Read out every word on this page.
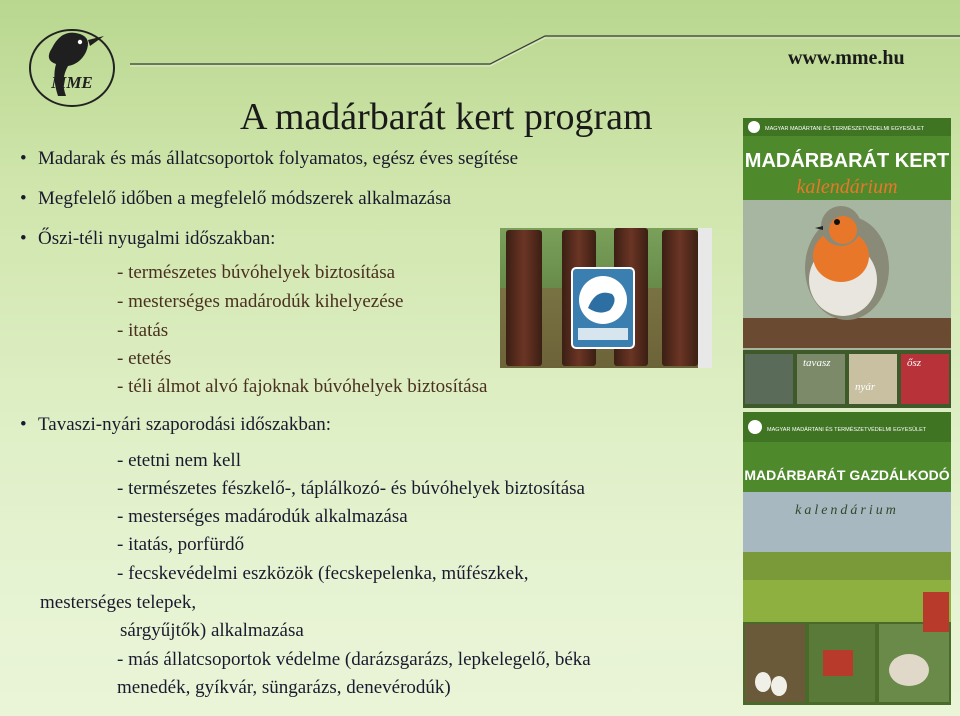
MME
www.mme.hu
A madárbarát kert program
• Madarak és más állatcsoportok folyamatos, egész éves segítése
• Megfelelő időben a megfelelő módszerek alkalmazása
• Őszi-téli nyugalmi időszakban:
- természetes búvóhelyek biztosítása
- mesterséges madárodúk kihelyezése
- itatás
- etetés
- téli álmot alvó fajoknak búvóhelyek biztosítása
• Tavaszi-nyári szaporodási időszakban:
- etetni nem kell
- természetes fészkelő-, táplálkozó- és búvóhelyek biztosítása
- mesterséges madárodúk alkalmazása
- itatás, porfürdő
- fecskevédelmi eszközök (fecskepelenka, műfészkek,
mesterséges telepek,
sárgyűjtők) alkalmazása
- más állatcsoportok védelme (darázsgarázs, lepkelegelő, béka
menedék, gyíkvár, süngarázs, denevérodúk)
MAGYAR MADÁRTANI ÉS TERMÉSZETVÉDELMI EGYESÜLET
MADÁRBARÁT KERT
kalendárium
tavasz
nyár
ősz
MAGYAR MADÁRTANI ÉS TERMÉSZETVÉDELMI EGYESÜLET
MADÁRBARÁT GAZDÁLKODÓ
kalendárium
